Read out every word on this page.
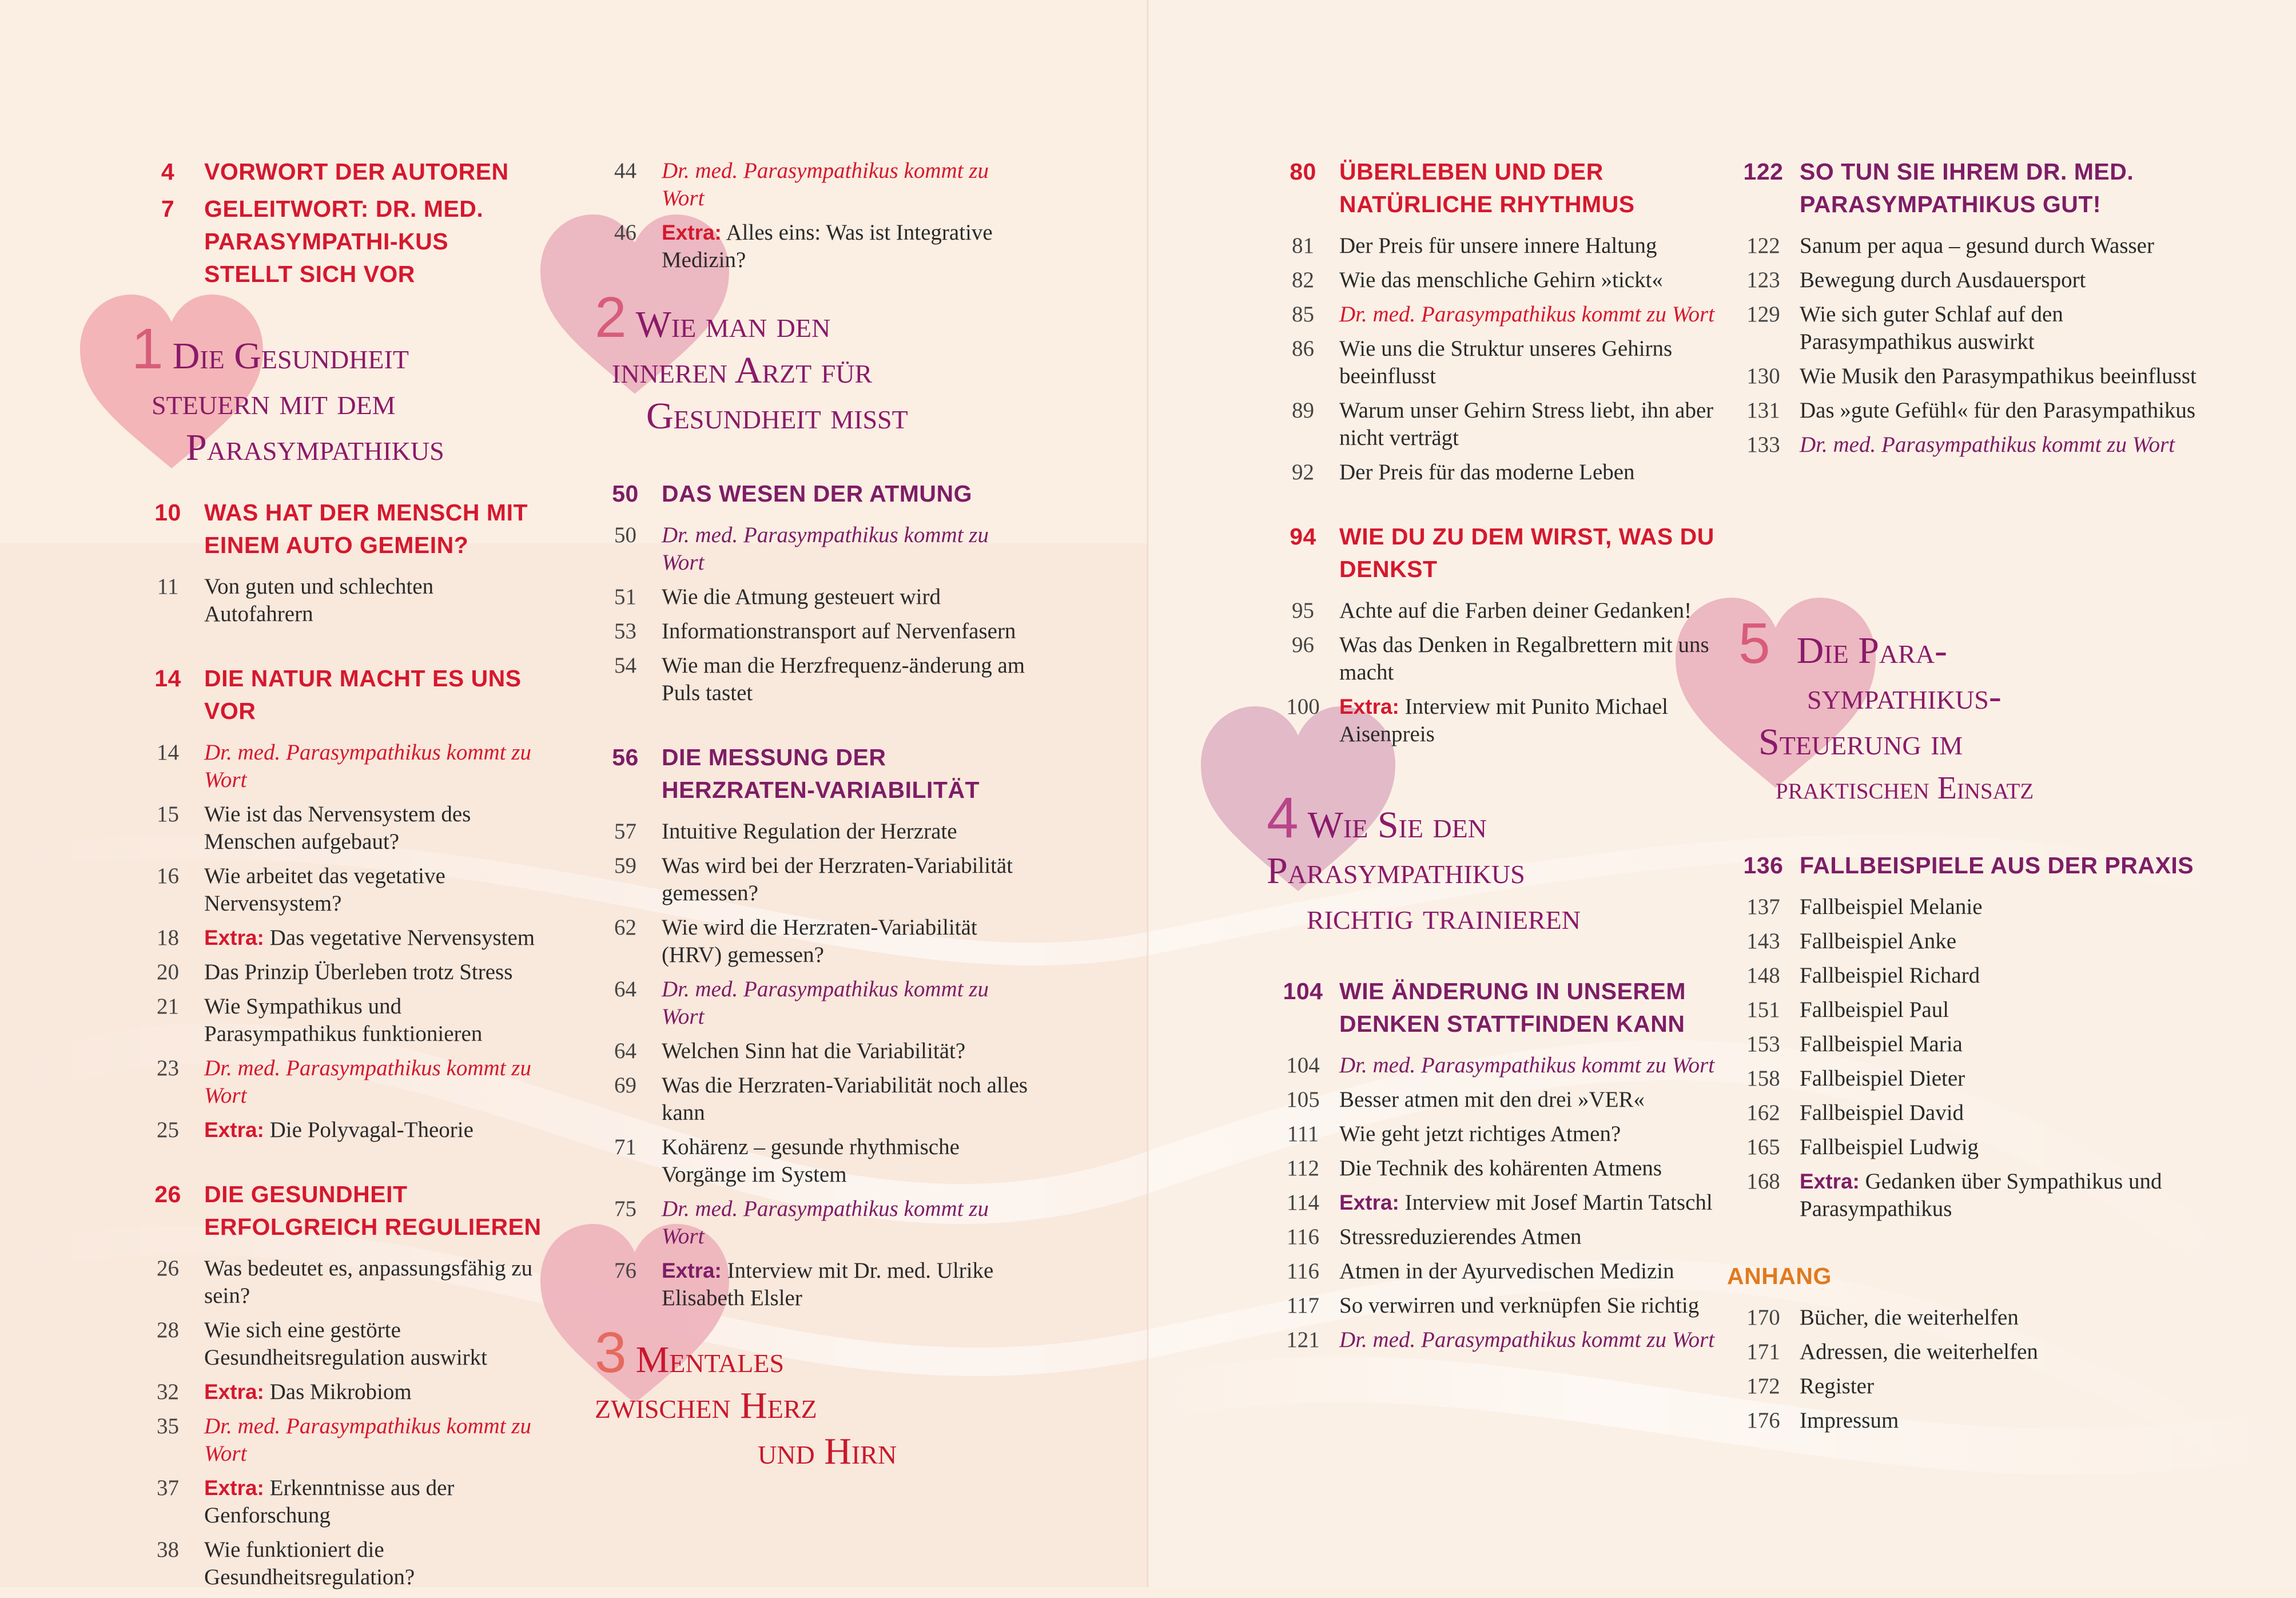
4	VORWORT DER AUTOREN
7	GELEITWORT: DR. MED. PARASYMPATHI-KUS STELLT SICH VOR
1 Die Gesundheit
steuern mit dem
Parasympathikus
10 WAS HAT DER MENSCH MIT EINEM AUTO GEMEIN?
11	Von guten und schlechten Autofahrern
14 DIE NATUR MACHT ES UNS VOR
14	Dr. med. Parasympathikus kommt zu Wort
15	Wie ist das Nervensystem des Menschen aufgebaut?
16	Wie arbeitet das vegetative Nervensystem?
18	Extra: Das vegetative Nervensystem
20	Das Prinzip Überleben trotz Stress
21	Wie Sympathikus und Parasympathikus funktionieren
23	Dr. med. Parasympathikus kommt zu Wort
25	Extra: Die Polyvagal-Theorie
26 DIE GESUNDHEIT ERFOLGREICH REGULIEREN
26	Was bedeutet es, anpassungsfähig zu sein?
28	Wie sich eine gestörte Gesundheitsregulation auswirkt
32	Extra: Das Mikrobiom
35	Dr. med. Parasympathikus kommt zu Wort
37	Extra: Erkenntnisse aus der Genforschung
38	Wie funktioniert die Gesundheitsregulation?
44	Dr. med. Parasympathikus kommt zu Wort
46	Extra: Alles eins: Was ist Integrative Medizin?
2 Wie man den
inneren Arzt für
Gesundheit misst
50 DAS WESEN DER ATMUNG
50	Dr. med. Parasympathikus kommt zu Wort
51	Wie die Atmung gesteuert wird
53	Informationstransport auf Nervenfasern
54	Wie man die Herzfrequenz-änderung am Puls tastet
56 DIE MESSUNG DER HERZRATEN-VARIABILITÄT
57	Intuitive Regulation der Herzrate
59	Was wird bei der Herzraten-Variabilität gemessen?
62	Wie wird die Herzraten-Variabilität (HRV) gemessen?
64	Dr. med. Parasympathikus kommt zu Wort
64	Welchen Sinn hat die Variabilität?
69	Was die Herzraten-Variabilität noch alles kann
71	Kohärenz – gesunde rhythmische Vorgänge im System
75	Dr. med. Parasympathikus kommt zu Wort
76	Extra: Interview mit Dr. med. Ulrike Elisabeth Elsler
3 Mentales
zwischen Herz
und Hirn
80 ÜBERLEBEN UND DER NATÜRLICHE RHYTHMUS
81	Der Preis für unsere innere Haltung
82	Wie das menschliche Gehirn »tickt«
85	Dr. med. Parasympathikus kommt zu Wort
86	Wie uns die Struktur unseres Gehirns beeinflusst
89	Warum unser Gehirn Stress liebt, ihn aber nicht verträgt
92	Der Preis für das moderne Leben
94 WIE DU ZU DEM WIRST, WAS DU DENKST
95	Achte auf die Farben deiner Gedanken!
96	Was das Denken in Regalbrettern mit uns macht
100 Extra: Interview mit Punito Michael Aisenpreis
4 Wie Sie den
Parasympathikus
richtig trainieren
104 WIE ÄNDERUNG IN UNSEREM DENKEN STATTFINDEN KANN
104 Dr. med. Parasympathikus kommt zu Wort
105 Besser atmen mit den drei »VER«
111 Wie geht jetzt richtiges Atmen?
112 Die Technik des kohärenten Atmens
114 Extra: Interview mit Josef Martin Tatschl
116 Stressreduzierendes Atmen
116 Atmen in der Ayurvedischen Medizin
117 So verwirren und verknüpfen Sie richtig
121 Dr. med. Parasympathikus kommt zu Wort
122 SO TUN SIE IHREM DR. MED. PARASYMPATHIKUS GUT!
122 Sanum per aqua – gesund durch Wasser
123 Bewegung durch Ausdauersport
129 Wie sich guter Schlaf auf den Parasympathikus auswirkt
130 Wie Musik den Parasympathikus beeinflusst
131 Das »gute Gefühl« für den Parasympathikus
133 Dr. med. Parasympathikus kommt zu Wort
5 Die Para-
sympathikus-
Steuerung im
praktischen Einsatz
136 FALLBEISPIELE AUS DER PRAXIS
137 Fallbeispiel Melanie
143 Fallbeispiel Anke
148 Fallbeispiel Richard
151 Fallbeispiel Paul
153 Fallbeispiel Maria
158 Fallbeispiel Dieter
162 Fallbeispiel David
165 Fallbeispiel Ludwig
168 Extra: Gedanken über Sympathikus und Parasympathikus
ANHANG
170 Bücher, die weiterhelfen
171 Adressen, die weiterhelfen
172 Register
176 Impressum
